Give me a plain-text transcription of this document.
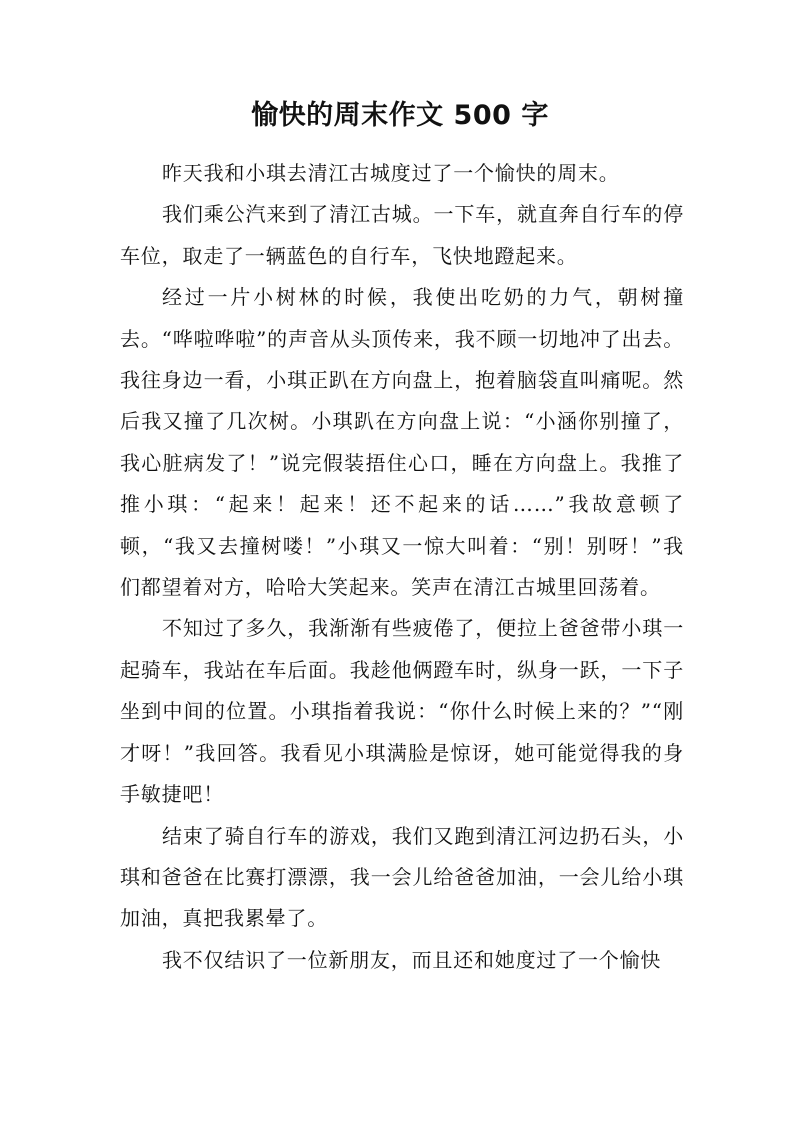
愉快的周末作文 500 字

昨天我和小琪去清江古城度过了一个愉快的周末。

我们乘公汽来到了清江古城。一下车，就直奔自行车的停车位，取走了一辆蓝色的自行车，飞快地蹬起来。

经过一片小树林的时候，我使出吃奶的力气，朝树撞去。“哗啦哗啦”的声音从头顶传来，我不顾一切地冲了出去。我往身边一看，小琪正趴在方向盘上，抱着脑袋直叫痛呢。然后我又撞了几次树。小琪趴在方向盘上说：“小涵你别撞了，我心脏病发了！”说完假装捂住心口，睡在方向盘上。我推了推小琪：“起来！起来！还不起来的话……”我故意顿了顿，“我又去撞树喽！”小琪又一惊大叫着：“别！别呀！”我们都望着对方，哈哈大笑起来。笑声在清江古城里回荡着。

不知过了多久，我渐渐有些疲倦了，便拉上爸爸带小琪一起骑车，我站在车后面。我趁他俩蹬车时，纵身一跃，一下子坐到中间的位置。小琪指着我说：“你什么时候上来的？”“刚才呀！”我回答。我看见小琪满脸是惊讶，她可能觉得我的身手敏捷吧！

结束了骑自行车的游戏，我们又跑到清江河边扔石头，小琪和爸爸在比赛打漂漂，我一会儿给爸爸加油，一会儿给小琪加油，真把我累晕了。

我不仅结识了一位新朋友，而且还和她度过了一个愉快
